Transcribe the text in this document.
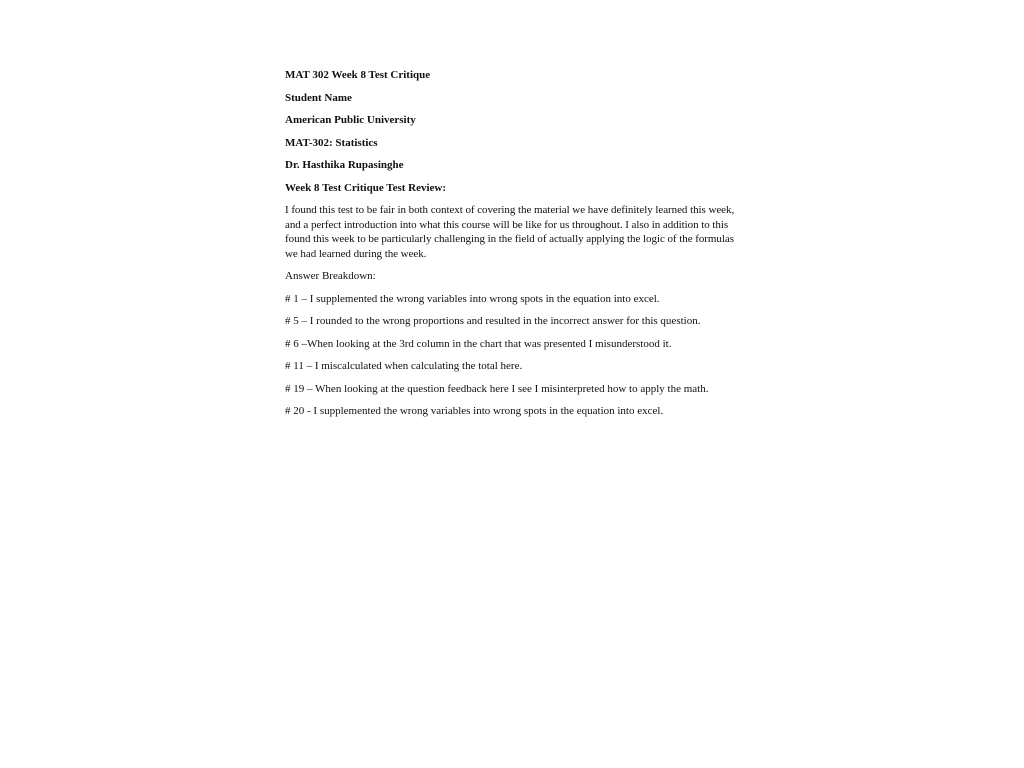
MAT 302 Week 8 Test Critique

Student Name

American Public University

MAT-302: Statistics

Dr. Hasthika Rupasinghe

Week 8 Test Critique Test Review:

I found this test to be fair in both context of covering the material we have definitely learned this week, and a perfect introduction into what this course will be like for us throughout. I also in addition to this found this week to be particularly challenging in the field of actually applying the logic of the formulas we had learned during the week.

Answer Breakdown:

# 1 – I supplemented the wrong variables into wrong spots in the equation into excel.
# 5 – I rounded to the wrong proportions and resulted in the incorrect answer for this question.
# 6 –When looking at the 3rd column in the chart that was presented I misunderstood it.
# 11 – I miscalculated when calculating the total here.
# 19 – When looking at the question feedback here I see I misinterpreted how to apply the math.
# 20 - I supplemented the wrong variables into wrong spots in the equation into excel.
